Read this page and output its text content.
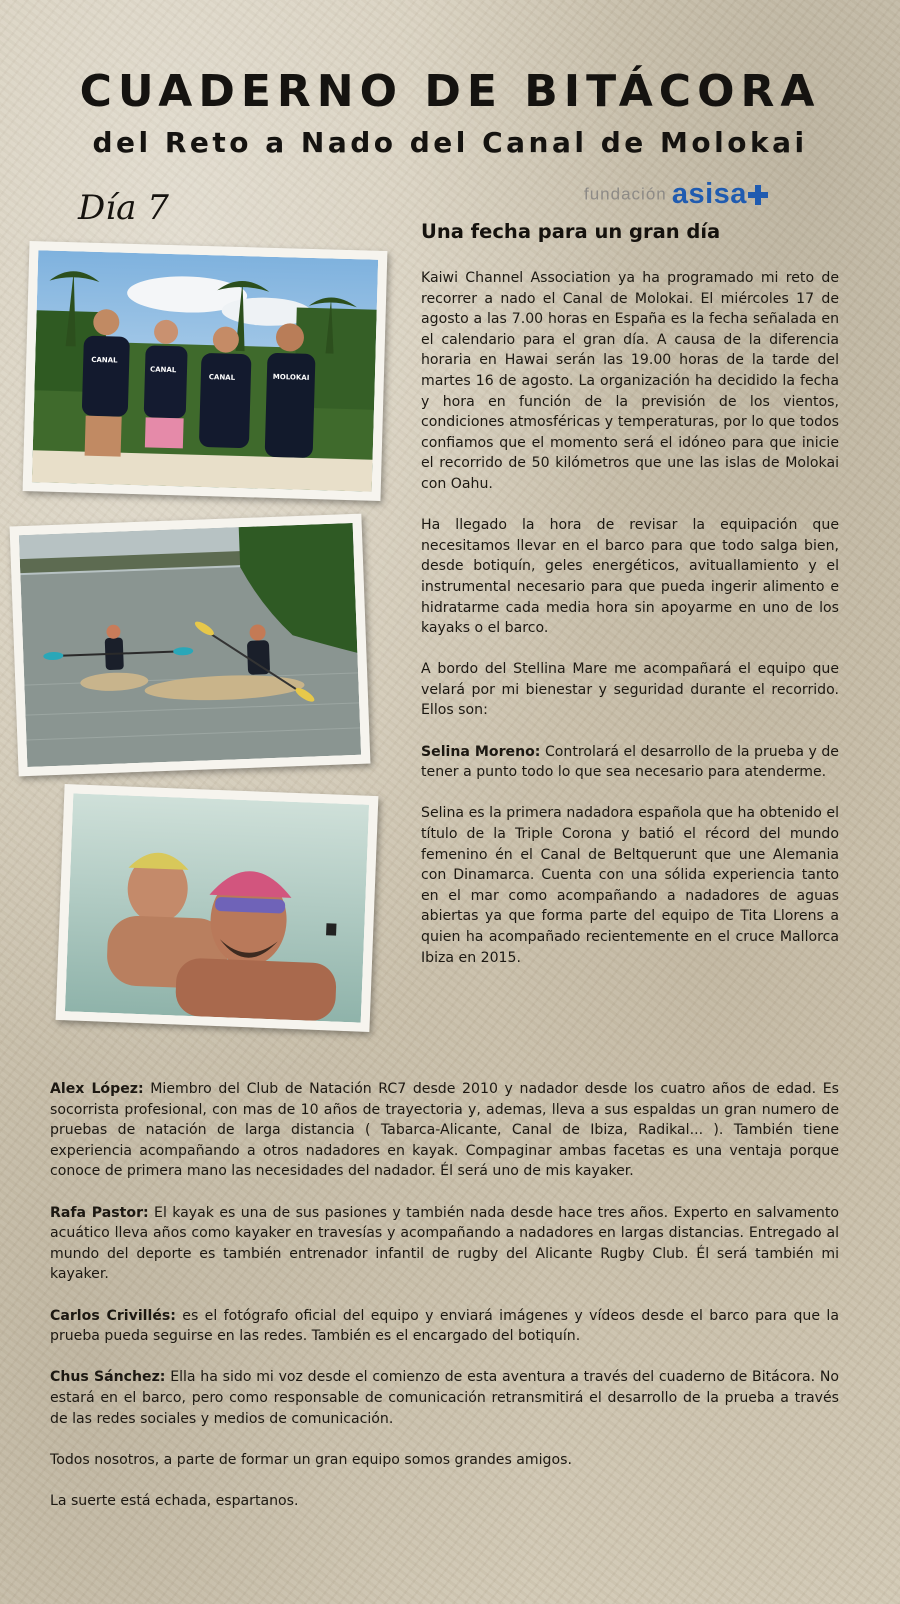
CUADERNO DE BITÁCORA
del Reto a Nado del Canal de Molokai
fundación asisa
Día 7
CANAL
CANAL
CANAL	MOLOKAI
Una fecha para un gran día

Kaiwi Channel Association ya ha programado mi reto de recorrer a nado el Canal de Molokai. El miércoles 17 de agosto a las 7.00 horas en España es la fecha señalada en el calendario para el gran día. A causa de la diferencia horaria en Hawai serán las 19.00 horas de la tarde del martes 16 de agosto. La organización ha decidido la fecha y hora en función de la previsión de los vientos, condiciones atmosféricas y temperaturas, por lo que todos confiamos que el momento será el idóneo para que inicie el recorrido de 50 kilómetros que une las islas de Molokai con Oahu.

Ha llegado la hora de revisar la equipación que necesitamos llevar en el barco para que todo salga bien, desde botiquín, geles energéticos, avituallamiento y el instrumental necesario para que pueda ingerir alimento e hidratarme cada media hora sin apoyarme en uno de los kayaks o el barco.

A bordo del Stellina Mare me acompañará el equipo que velará por mi bienestar y seguridad durante el recorrido. Ellos son:

Selina Moreno: Controlará el desarrollo de la prueba y de tener a punto todo lo que sea necesario para atenderme.

Selina es la primera nadadora española que ha obtenido el título de la Triple Corona y batió el récord del mundo femenino én el Canal de Beltquerunt que une Alemania con Dinamarca. Cuenta con una sólida experiencia tanto en el mar como acompañando a nadadores de aguas abiertas ya que forma parte del equipo de Tita Llorens a quien ha acompañado recientemente en el cruce Mallorca Ibiza en 2015.

Alex López: Miembro del Club de Natación RC7 desde 2010 y nadador desde los cuatro años de edad. Es socorrista profesional, con mas de 10 años de trayectoria y, ademas, lleva a sus espaldas un gran numero de pruebas de natación de larga distancia ( Tabarca-Alicante, Canal de Ibiza, Radikal... ). También tiene experiencia acompañando a otros nadadores en kayak. Compaginar ambas facetas es una ventaja porque conoce de primera mano las necesidades del nadador. Él será uno de mis kayaker.

Rafa Pastor: El kayak es una de sus pasiones y también nada desde hace tres años. Experto en salvamento acuático lleva años como kayaker en travesías y acompañando a nadadores en largas distancias. Entregado al mundo del deporte es también entrenador infantil de rugby del Alicante Rugby Club. Él será también mi kayaker.

Carlos Crivillés: es el fotógrafo oficial del equipo y enviará imágenes y vídeos desde el barco para que la prueba pueda seguirse en las redes. También es el encargado del botiquín.

Chus Sánchez: Ella ha sido mi voz desde el comienzo de esta aventura a través del cuaderno de Bitácora. No estará en el barco, pero como responsable de comunicación retransmitirá el desarrollo de la prueba a través de las redes sociales y medios de comunicación.

Todos nosotros, a parte de formar un gran equipo somos grandes amigos.

La suerte está echada, espartanos.
